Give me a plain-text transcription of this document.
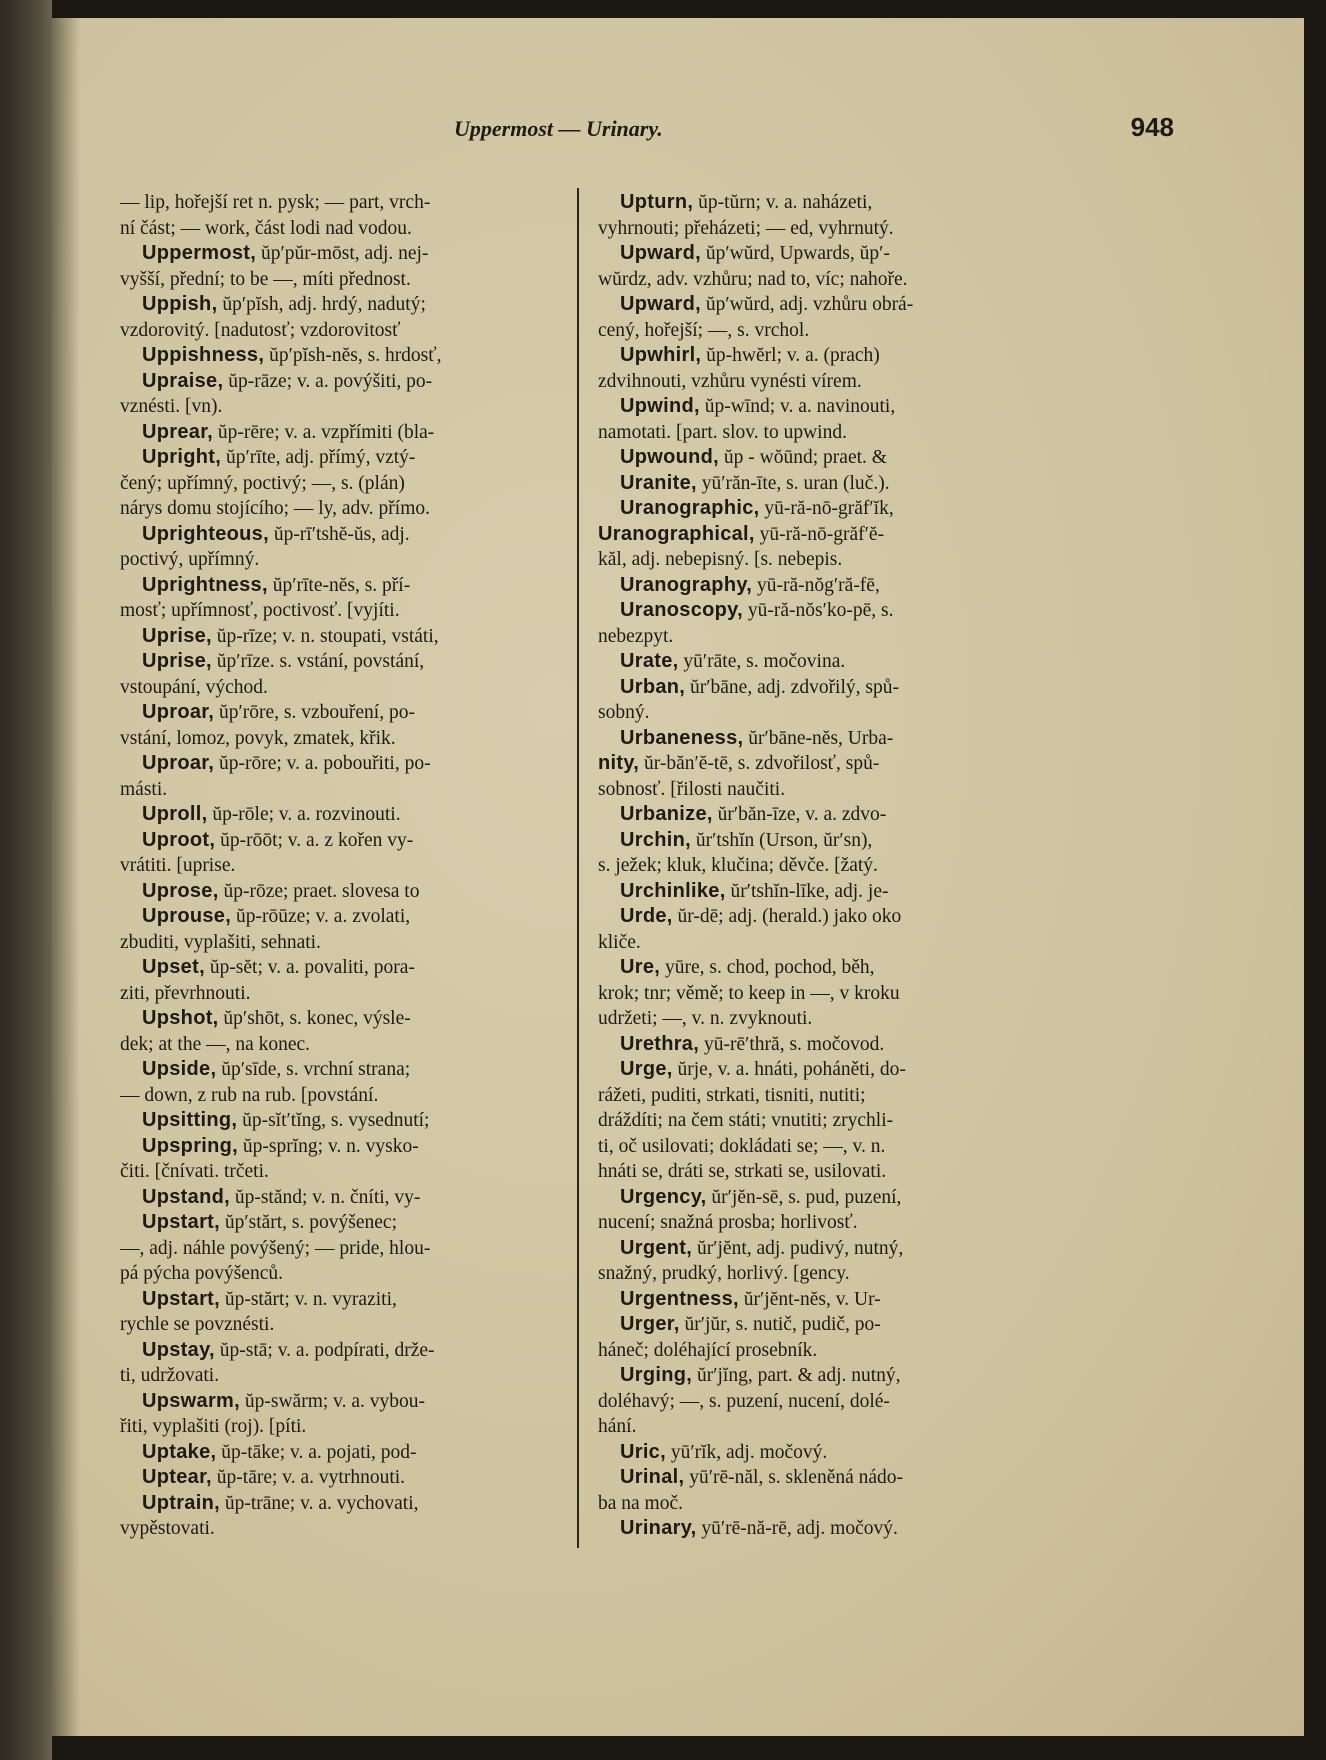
Uppermost — Urinary.	948
— lip, hořejší ret n. pysk; — part, vrch-
ní část; — work, část lodi nad vodou.
Uppermost, ŭp′pŭr-mōst, adj. nej-
vyšší, přední; to be —, míti přednost.
Uppish, ŭp′pĭsh, adj. hrdý, nadutý;
vzdorovitý. [nadutosť; vzdorovitosť
Uppishness, ŭp′pĭsh-nĕs, s. hrdosť,
Upraise, ŭp-rāze; v. a. povýšiti, po-
vznésti. [vn).
Uprear, ŭp-rēre; v. a. vzpřímiti (bla-
Upright, ŭp′rīte, adj. přímý, vztý-
čený; upřímný, poctivý; —, s. (plán)
nárys domu stojícího; — ly, adv. přímo.
Uprighteous, ŭp-rī′tshĕ-ŭs, adj.
poctivý, upřímný.
Uprightness, ŭp′rīte-nĕs, s. pří-
mosť; upřímnosť, poctivosť. [vyjíti.
Uprise, ŭp-rīze; v. n. stoupati, vstáti,
Uprise, ŭp′rīze. s. vstání, povstání,
vstoupání, východ.
Uproar, ŭp′rōre, s. vzbouření, po-
vstání, lomoz, povyk, zmatek, křik.
Uproar, ŭp-rōre; v. a. pobouřiti, po-
másti.
Uproll, ŭp-rōle; v. a. rozvinouti.
Uproot, ŭp-rōōt; v. a. z kořen vy-
vrátiti. [uprise.
Uprose, ŭp-rōze; praet. slovesa to
Uprouse, ŭp-rōūze; v. a. zvolati,
zbuditi, vyplašiti, sehnati.
Upset, ŭp-sĕt; v. a. povaliti, pora-
ziti, převrhnouti.
Upshot, ŭp′shōt, s. konec, výsle-
dek; at the —, na konec.
Upside, ŭp′sīde, s. vrchní strana;
— down, z rub na rub. [povstání.
Upsitting, ŭp-sĭt′tĭng, s. vysednutí;
Upspring, ŭp-sprĭng; v. n. vysko-
čiti. [čnívati. trčeti.
Upstand, ŭp-stănd; v. n. čníti, vy-
Upstart, ŭp′stărt, s. povýšenec;
—, adj. náhle povýšený; — pride, hlou-
pá pýcha povýšenců.
Upstart, ŭp-stărt; v. n. vyraziti,
rychle se povznésti.
Upstay, ŭp-stā; v. a. podpírati, drže-
ti, udržovati.
Upswarm, ŭp-swărm; v. a. vybou-
řiti, vyplašiti (roj). [píti.
Uptake, ŭp-tāke; v. a. pojati, pod-
Uptear, ŭp-tāre; v. a. vytrhnouti.
Uptrain, ŭp-trāne; v. a. vychovati,
vypěstovati.
Upturn, ŭp-tŭrn; v. a. naházeti,
vyhrnouti; přeházeti; — ed, vyhrnutý.
Upward, ŭp′wŭrd, Upwards, ŭp′-
wŭrdz, adv. vzhůru; nad to, víc; nahoře.
Upward, ŭp′wŭrd, adj. vzhůru obrá-
cený, hořejší; —, s. vrchol.
Upwhirl, ŭp-hwĕrl; v. a. (prach)
zdvihnouti, vzhůru vynésti vírem.
Upwind, ŭp-wīnd; v. a. navinouti,
namotati. [part. slov. to upwind.
Upwound, ŭp - wŏūnd; praet. &
Uranite, yū′răn-īte, s. uran (luč.).
Uranographic, yū-ră-nō-grăf′ĭk,
Uranographical, yū-ră-nō-grăf′ĕ-
kăl, adj. nebepisný. [s. nebepis.
Uranography, yū-ră-nŏg′ră-fē,
Uranoscopy, yū-ră-nŏs′ko-pē, s.
nebezpyt.
Urate, yū′rāte, s. močovina.
Urban, ŭr′bāne, adj. zdvořilý, spů-
sobný.
Urbaneness, ŭr′bāne-nĕs, Urba-
nity, ŭr-băn′ĕ-tē, s. zdvořilosť, spů-
sobnosť. [řilosti naučiti.
Urbanize, ŭr′băn-īze, v. a. zdvo-
Urchin, ŭr′tshĭn (Urson, ŭr′sn),
s. ježek; kluk, klučina; děvče. [žatý.
Urchinlike, ŭr′tshĭn-līke, adj. je-
Urde, ŭr-dē; adj. (herald.) jako oko
kliče.
Ure, yūre, s. chod, pochod, běh,
krok; tnr; věmě; to keep in —, v kroku
udržeti; —, v. n. zvyknouti.
Urethra, yū-rē′thră, s. močovod.
Urge, ŭrje, v. a. hnáti, poháněti, do-
rážeti, puditi, strkati, tisniti, nutiti;
dráždíti; na čem státi; vnutiti; zrychli-
ti, oč usilovati; dokládati se; —, v. n.
hnáti se, dráti se, strkati se, usilovati.
Urgency, ŭr′jĕn-sē, s. pud, puzení,
nucení; snažná prosba; horlivosť.
Urgent, ŭr′jĕnt, adj. pudivý, nutný,
snažný, prudký, horlivý. [gency.
Urgentness, ŭr′jĕnt-nĕs, v. Ur-
Urger, ŭr′jŭr, s. nutič, pudič, po-
háneč; doléhající prosebník.
Urging, ŭr′jĭng, part. & adj. nutný,
doléhavý; —, s. puzení, nucení, dolé-
hání.
Uric, yū′rĭk, adj. močový.
Urinal, yū′rē-năl, s. skleněná nádo-
ba na moč.
Urinary, yū′rē-nă-rē, adj. močový.
